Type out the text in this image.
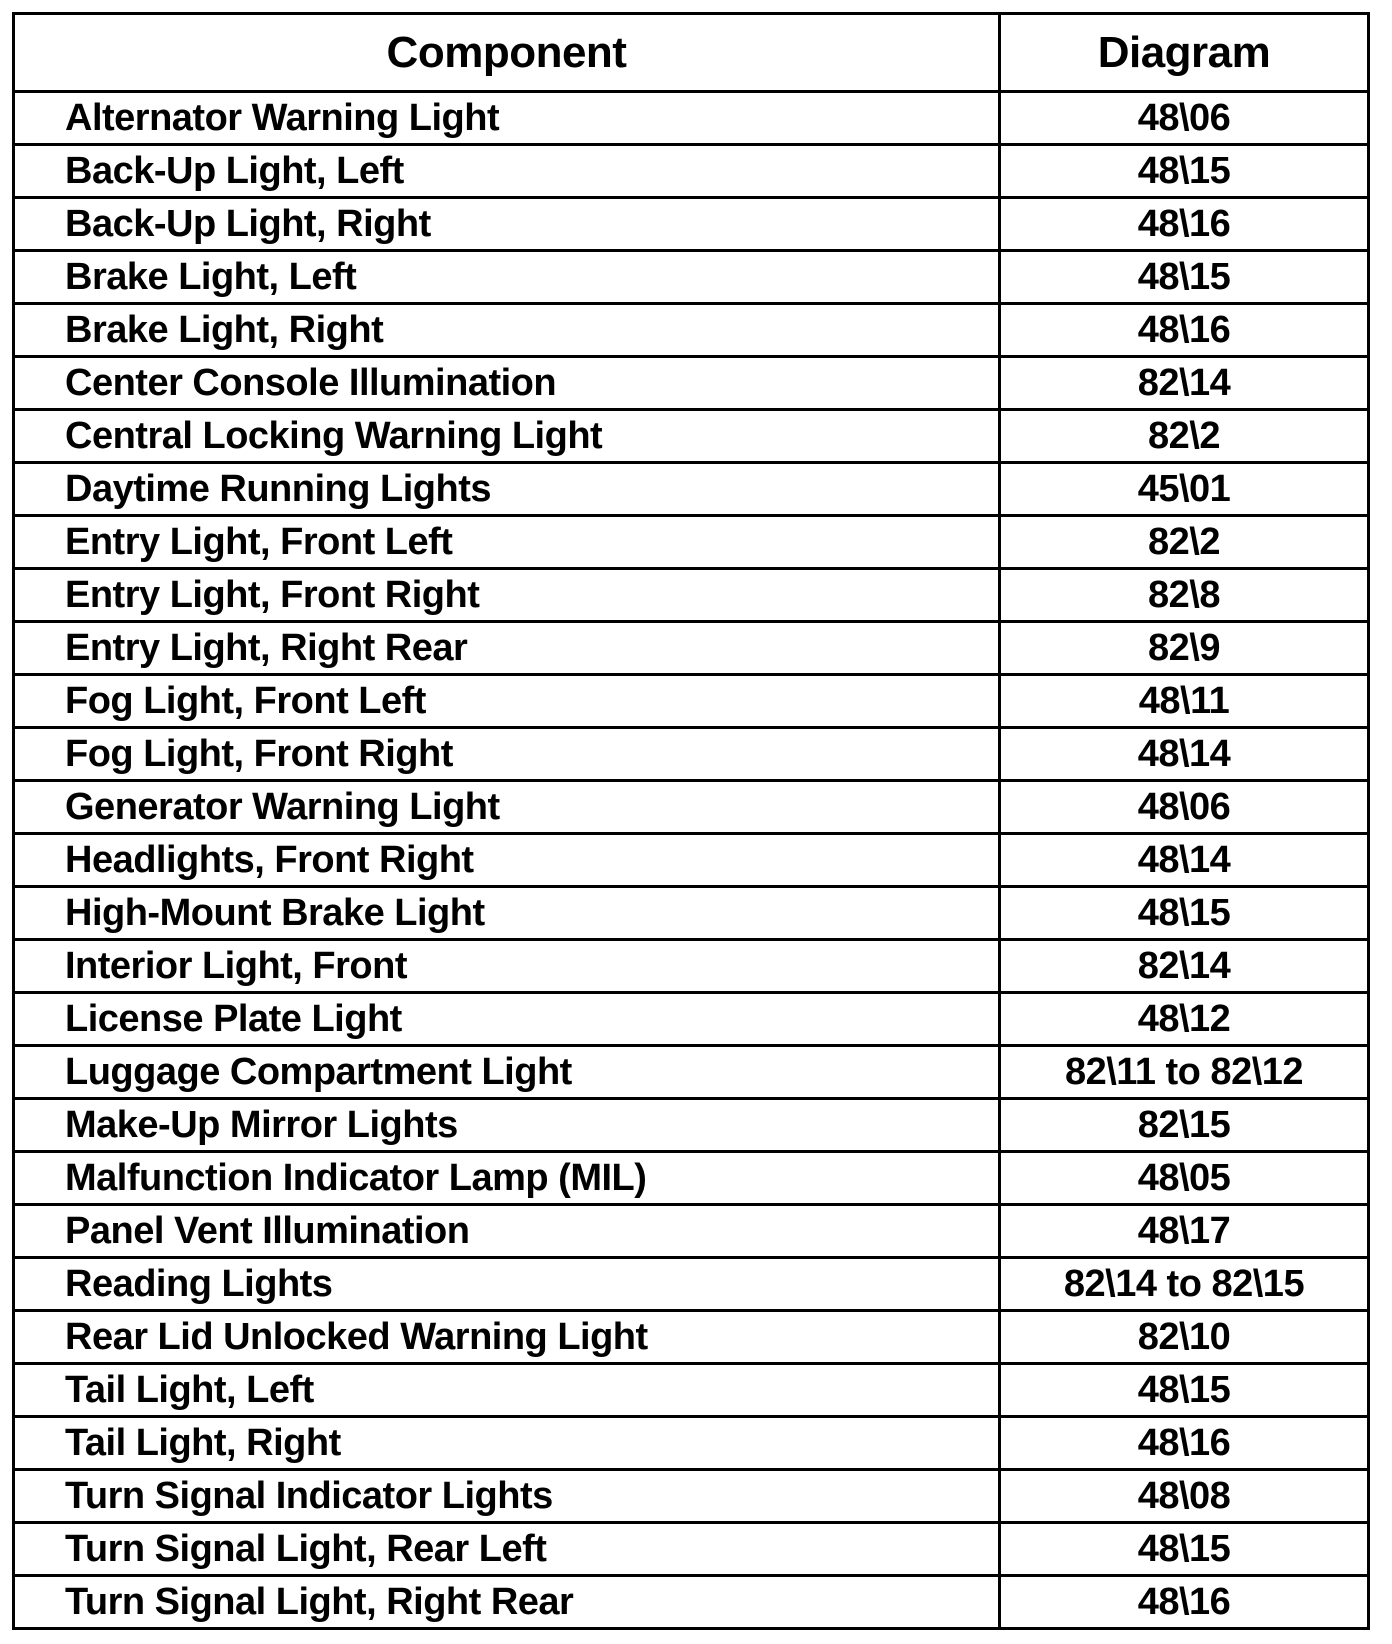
Component	Diagram
Alternator Warning Light	48\06
Back-Up Light, Left	48\15
Back-Up Light, Right	48\16
Brake Light, Left	48\15
Brake Light, Right	48\16
Center Console Illumination	82\14
Central Locking Warning Light	82\2
Daytime Running Lights	45\01
Entry Light, Front Left	82\2
Entry Light, Front Right	82\8
Entry Light, Right Rear	82\9
Fog Light, Front Left	48\11
Fog Light, Front Right	48\14
Generator Warning Light	48\06
Headlights, Front Right	48\14
High-Mount Brake Light	48\15
Interior Light, Front	82\14
License Plate Light	48\12
Luggage Compartment Light	82\11 to 82\12
Make-Up Mirror Lights	82\15
Malfunction Indicator Lamp (MIL)	48\05
Panel Vent Illumination	48\17
Reading Lights	82\14 to 82\15
Rear Lid Unlocked Warning Light	82\10
Tail Light, Left	48\15
Tail Light, Right	48\16
Turn Signal Indicator Lights	48\08
Turn Signal Light, Rear Left	48\15
Turn Signal Light, Right Rear	48\16
